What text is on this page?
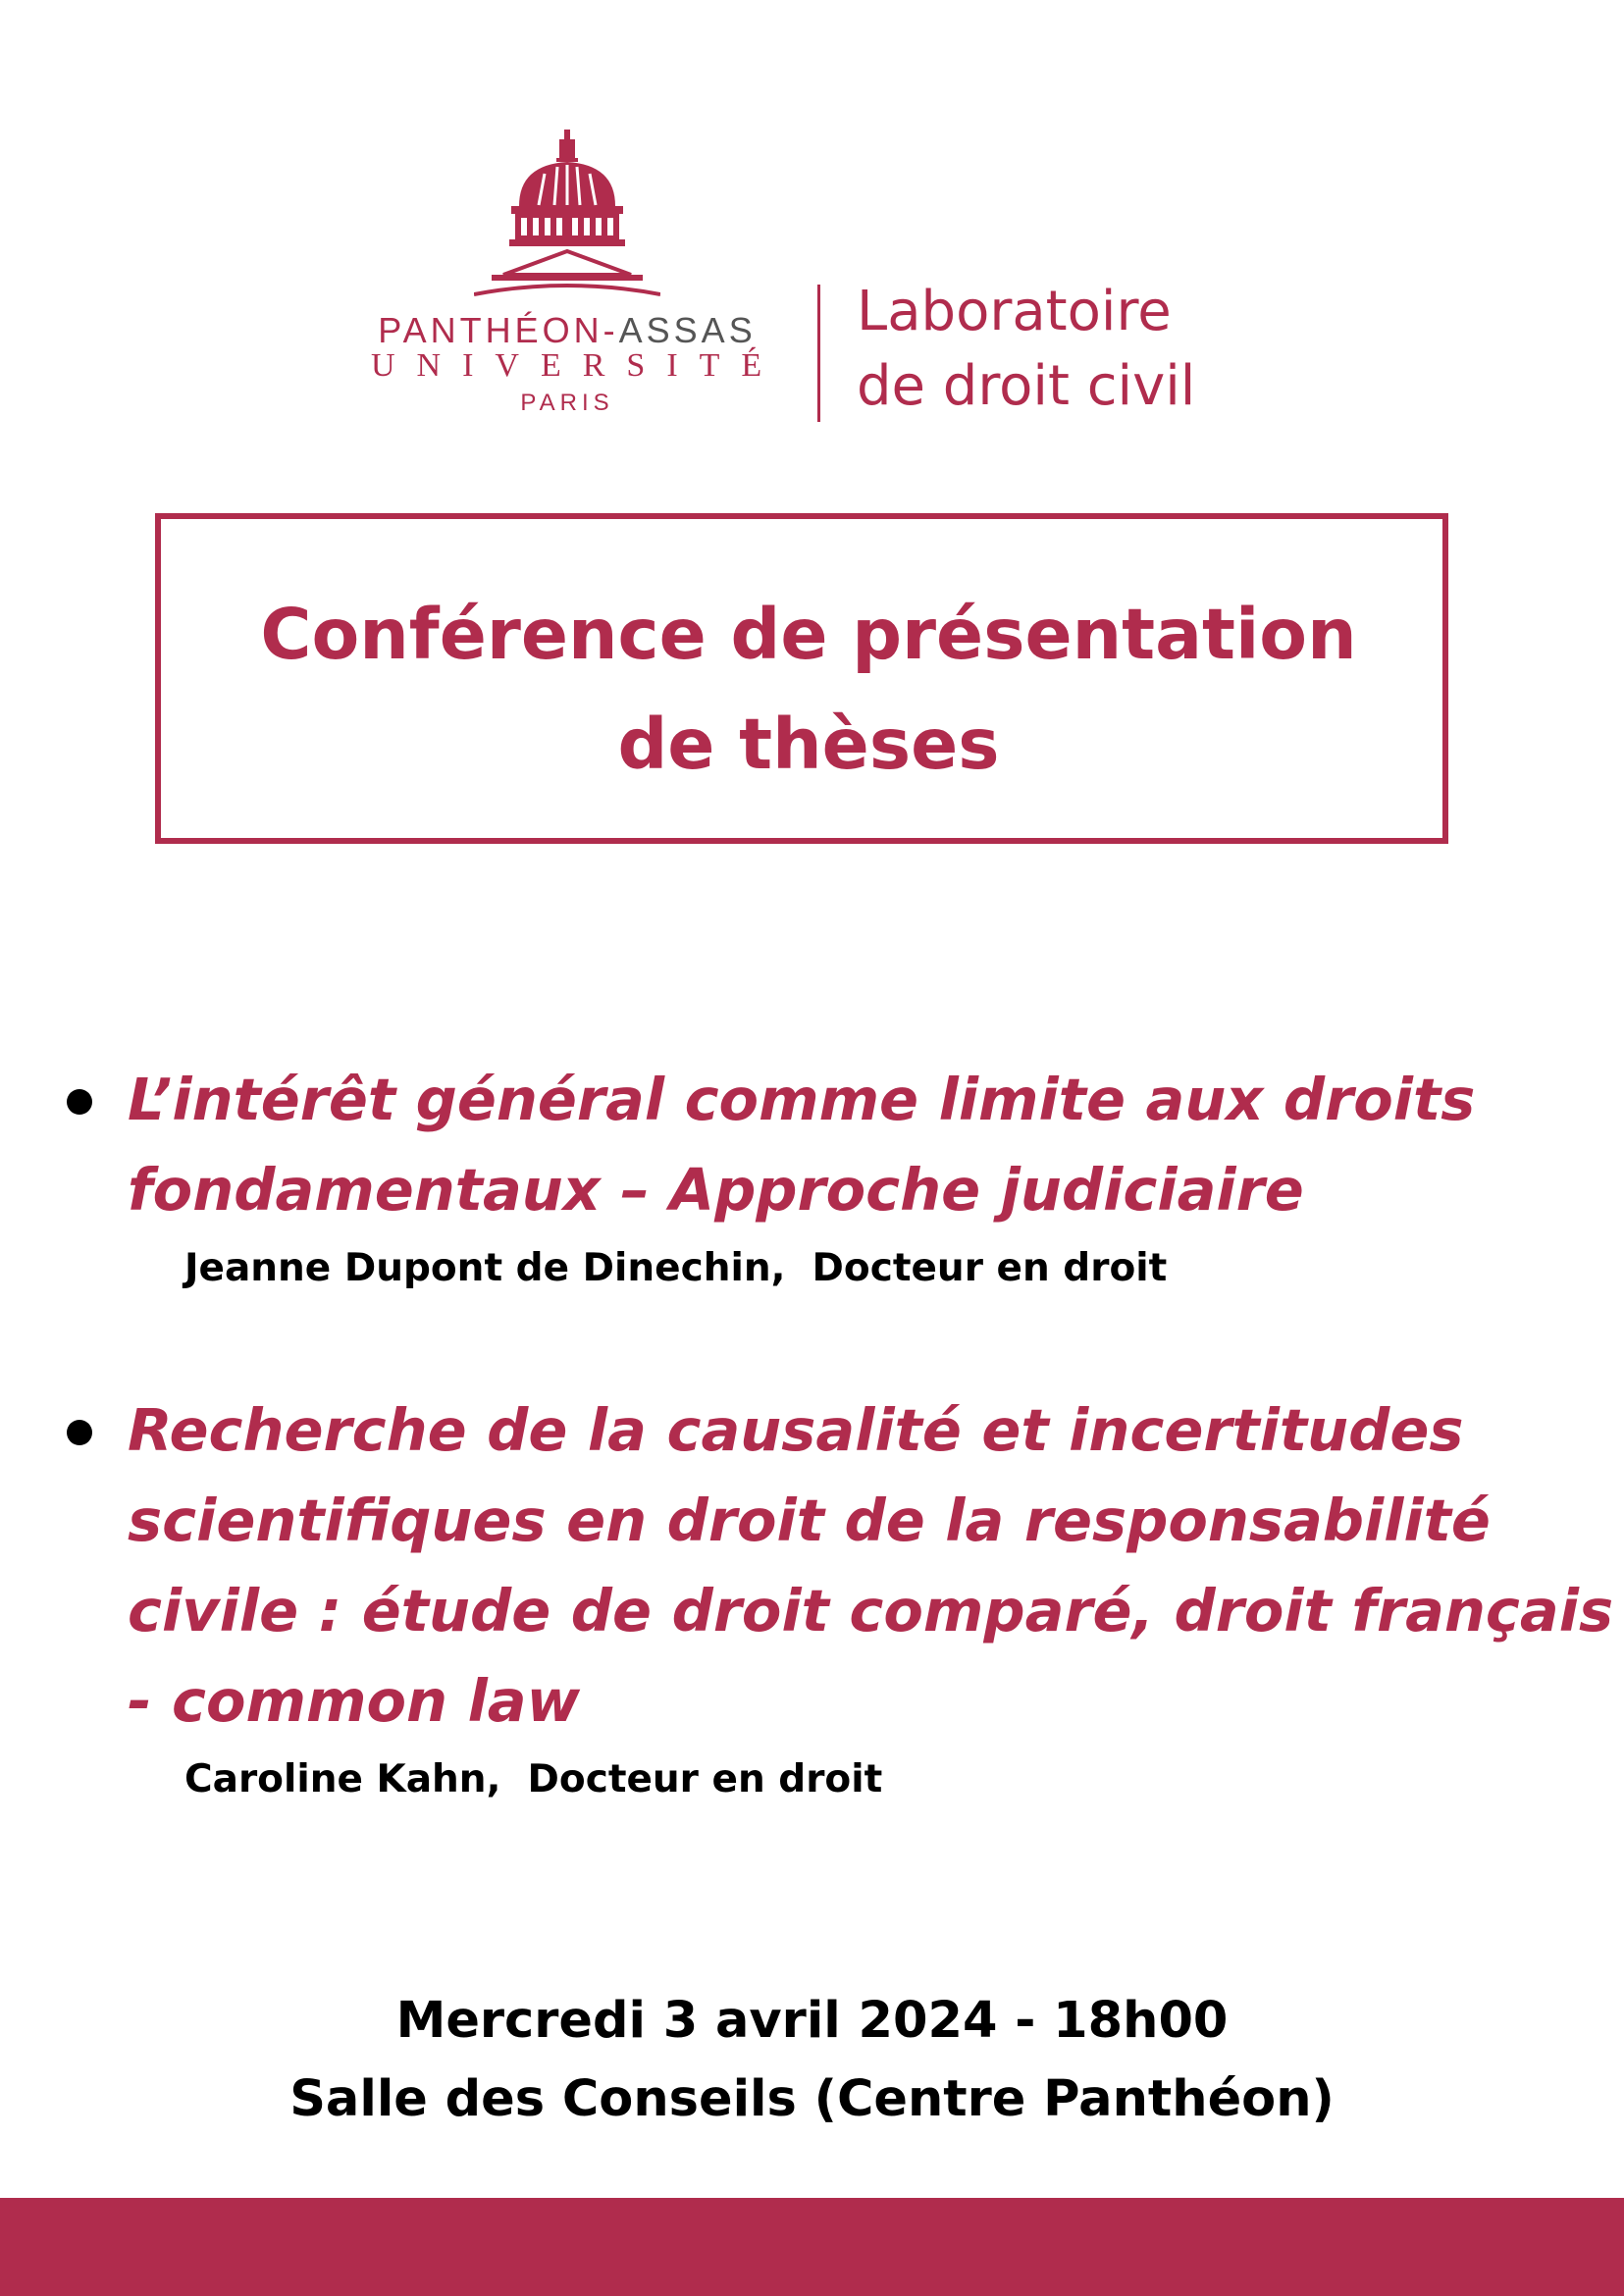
PANTHÉON-ASSAS
UNIVERSITÉ
PARIS
Laboratoire
de droit civil
Conférence de présentation
de thèses

L’intérêt général comme limite aux droits fondamentaux – Approche judiciaire

Jeanne Dupont de Dinechin,  Docteur en droit

Recherche de la causalité et incertitudes scientifiques en droit de la responsabilité civile : étude de droit comparé, droit français - common law

Caroline Kahn,  Docteur en droit

Mercredi 3 avril 2024 - 18h00
Salle des Conseils (Centre Panthéon)
